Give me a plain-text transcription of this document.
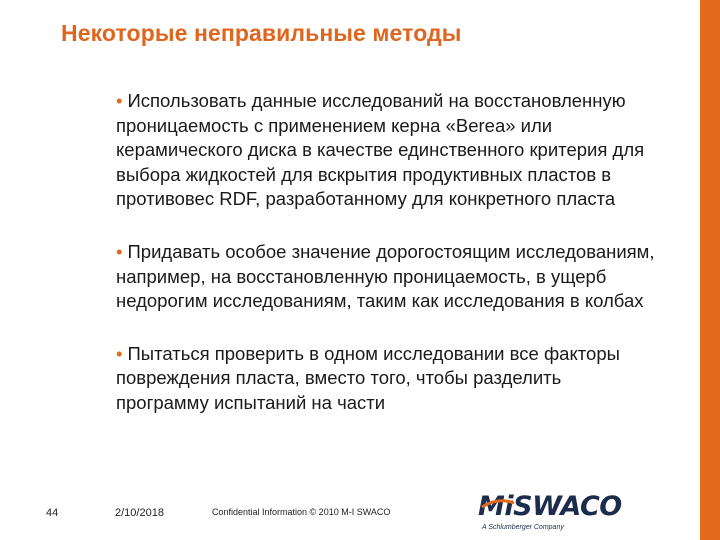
Некоторые неправильные методы

• Использовать данные исследований на восстановленную проницаемость с применением керна «Berea» или керамического диска в качестве единственного критерия для выбора жидкостей для вскрытия продуктивных пластов в противовес RDF, разработанному для конкретного пласта

• Придавать особое значение дорогостоящим исследованиям, например, на восстановленную проницаемость, в ущерб недорогим исследованиям, таким как исследования в колбах

• Пытаться проверить в одном исследовании все факторы повреждения пласта, вместо того, чтобы разделить программу испытаний на части

44	2/10/2018	Confidential Information © 2010 M-I SWACO	MiSWACO
A Schlumberger Company
